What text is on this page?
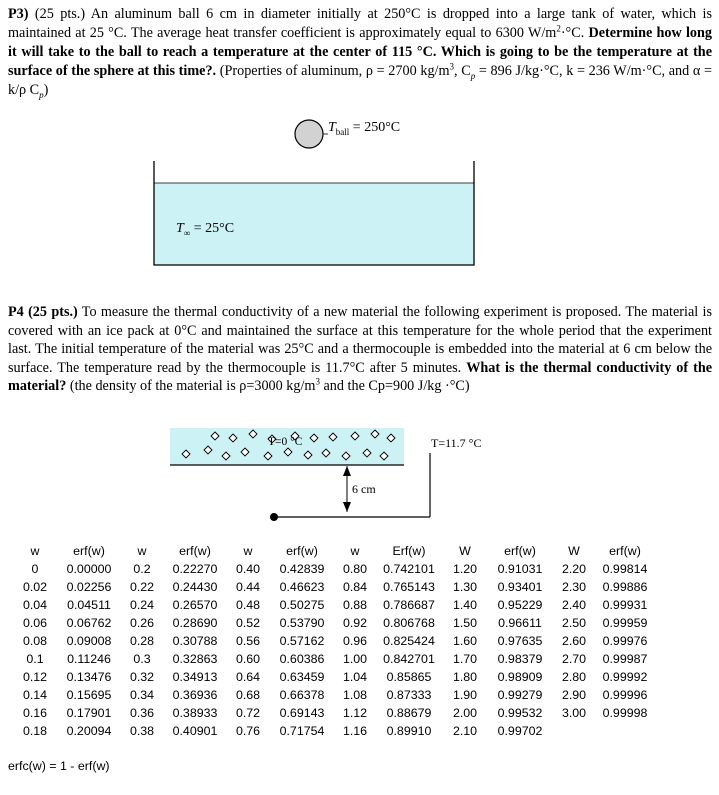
P3) (25 pts.) An aluminum ball 6 cm in diameter initially at 250°C is dropped into a large tank of water, which is maintained at 25 °C. The average heat transfer coefficient is approximately equal to 6300 $W/m^2\cdot^\circ C$. Determine how long it will take to the ball to reach a temperature at the center of 115 °C. Which is going to be the temperature at the surface of the sphere at this time?. (Properties of aluminum, ρ = 2700 $kg/m^3$, $C_p = 896$ J/kg·°C, k = 236 W/m·°C, and α = k/ρ $C_p$)
$T_{ball} = 250^\circ C$
$T_\infty = 25^\circ C$
P4 (25 pts.) To measure the thermal conductivity of a new material the following experiment is proposed. The material is covered with an ice pack at 0°C and maintained the surface at this temperature for the whole period that the experiment last. The initial temperature of the material was 25°C and a thermocouple is embedded into the material at 6 cm below the surface. The temperature read by the thermocouple is 11.7°C after 5 minutes. What is the thermal conductivity of the material? (the density of the material is ρ=3000 $kg/m^3$ and the Cp=900 J/kg ·°C)
T=0 °C	T=11.7 °C
6 cm
w	erf(w)	w	erf(w)	w	erf(w)	w	Erf(w)	W	erf(w)	W	erf(w)
0	0.00000	0.2	0.22270	0.40	0.42839	0.80	0.742101	1.20	0.91031	2.20	0.99814
0.02	0.02256	0.22	0.24430	0.44	0.46623	0.84	0.765143	1.30	0.93401	2.30	0.99886
0.04	0.04511	0.24	0.26570	0.48	0.50275	0.88	0.786687	1.40	0.95229	2.40	0.99931
0.06	0.06762	0.26	0.28690	0.52	0.53790	0.92	0.806768	1.50	0.96611	2.50	0.99959
0.08	0.09008	0.28	0.30788	0.56	0.57162	0.96	0.825424	1.60	0.97635	2.60	0.99976
0.1	0.11246	0.3	0.32863	0.60	0.60386	1.00	0.842701	1.70	0.98379	2.70	0.99987
0.12	0.13476	0.32	0.34913	0.64	0.63459	1.04	0.85865	1.80	0.98909	2.80	0.99992
0.14	0.15695	0.34	0.36936	0.68	0.66378	1.08	0.87333	1.90	0.99279	2.90	0.99996
0.16	0.17901	0.36	0.38933	0.72	0.69143	1.12	0.88679	2.00	0.99532	3.00	0.99998
0.18	0.20094	0.38	0.40901	0.76	0.71754	1.16	0.89910	2.10	0.99702		
erfc(w) = 1 - erf(w)
